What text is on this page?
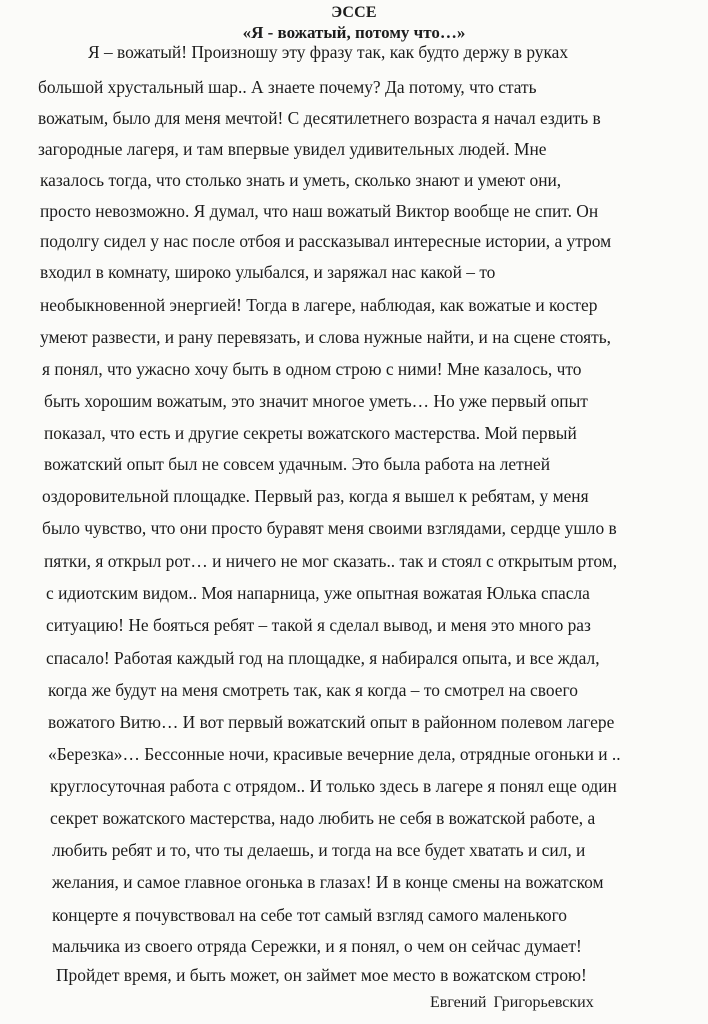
ЭССЕ
«Я - вожатый, потому что…»
Я – вожатый! Произношу эту фразу так, как будто держу в руках
большой хрустальный шар.. А знаете почему? Да потому, что стать
вожатым, было для меня мечтой! С десятилетнего возраста я начал ездить в
загородные лагеря, и там впервые увидел удивительных людей. Мне
казалось тогда, что столько знать и уметь, сколько знают и умеют они,
просто невозможно. Я думал, что наш вожатый Виктор вообще не спит. Он
подолгу сидел у нас после отбоя и рассказывал интересные истории, а утром
входил в комнату, широко улыбался, и заряжал нас какой – то
необыкновенной энергией! Тогда в лагере, наблюдая, как вожатые и костер
умеют развести, и рану перевязать, и слова нужные найти, и на сцене стоять,
я понял, что ужасно хочу быть в одном строю с ними! Мне казалось, что
быть хорошим вожатым, это значит многое уметь… Но уже первый опыт
показал, что есть и другие секреты вожатского мастерства. Мой первый
вожатский опыт был не совсем удачным. Это была работа на летней
оздоровительной площадке. Первый раз, когда я вышел к ребятам, у меня
было чувство, что они просто буравят меня своими взглядами, сердце ушло в
пятки, я открыл рот… и ничего не мог сказать.. так и стоял с открытым ртом,
с идиотским видом.. Моя напарница, уже опытная вожатая Юлька спасла
ситуацию! Не бояться ребят – такой я сделал вывод, и меня это много раз
спасало! Работая каждый год на площадке, я набирался опыта, и все ждал,
когда же будут на меня смотреть так, как я когда – то смотрел на своего
вожатого Витю… И вот первый вожатский опыт в районном полевом лагере
«Березка»… Бессонные ночи, красивые вечерние дела, отрядные огоньки и ..
круглосуточная работа с отрядом.. И только здесь в лагере я понял еще один
секрет вожатского мастерства, надо любить не себя в вожатской работе, а
любить ребят и то, что ты делаешь, и тогда на все будет хватать и сил, и
желания, и самое главное огонька в глазах! И в конце смены на вожатском
концерте я почувствовал на себе тот самый взгляд самого маленького
мальчика из своего отряда Сережки, и я понял, о чем он сейчас думает!
Пройдет время, и быть может, он займет мое место в вожатском строю!
Евгений Григорьевских
